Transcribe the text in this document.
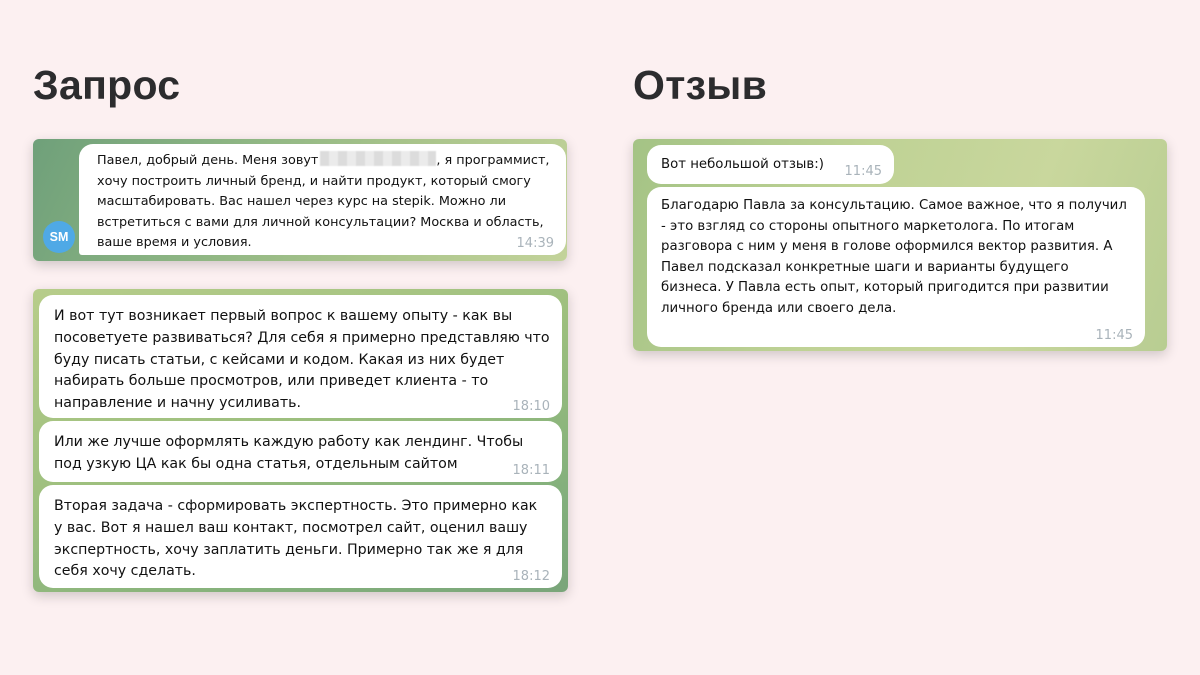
Запрос	Отзыв
SM

Павел, добрый день. Меня зовут	, я программист, хочу построить личный бренд, и найти продукт, который смогу масштабировать. Вас нашел через курс на stepik. Можно ли встретиться с вами для личной консультации? Москва и область, ваше время и условия.	14:39

И вот тут возникает первый вопрос к вашему опыту - как вы посоветуете развиваться? Для себя я примерно представляю что буду писать статьи, с кейсами и кодом. Какая из них будет набирать больше просмотров, или приведет клиента - то направление и начну усиливать.	18:10

Или же лучше оформлять каждую работу как лендинг. Чтобы под узкую ЦА как бы одна статья, отдельным сайтом	18:11

Вторая задача - сформировать экспертность. Это примерно как у вас. Вот я нашел ваш контакт, посмотрел сайт, оценил вашу экспертность, хочу заплатить деньги. Примерно так же я для себя хочу сделать.	18:12

Вот небольшой отзыв:)	11:45

Благодарю Павла за консультацию. Самое важное, что я получил - это взгляд со стороны опытного маркетолога. По итогам разговора с ним у меня в голове оформился вектор развития. А Павел подсказал конкретные шаги и варианты будущего бизнеса. У Павла есть опыт, который пригодится при развитии личного бренда или своего дела.

11:45
